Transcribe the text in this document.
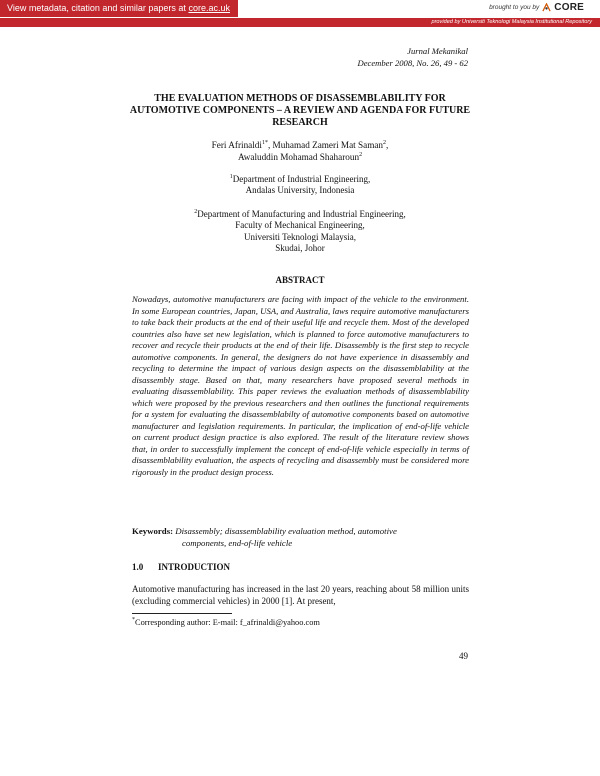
View metadata, citation and similar papers at core.ac.uk	brought to you by CORE
provided by Universiti Teknologi Malaysia Institutional Repository
Jurnal Mekanikal
December 2008, No. 26, 49 - 62
THE EVALUATION METHODS OF DISASSEMBLABILITY FOR AUTOMOTIVE COMPONENTS – A REVIEW AND AGENDA FOR FUTURE RESEARCH
Feri Afrinaldi$^{1*}$, Muhamad Zameri Mat Saman$^2$,
Awaluddin Mohamad Shaharoun$^2$
$^1$Department of Industrial Engineering,
Andalas University, Indonesia
$^2$Department of Manufacturing and Industrial Engineering,
Faculty of Mechanical Engineering,
Universiti Teknologi Malaysia,
Skudai, Johor
ABSTRACT

Nowadays, automotive manufacturers are facing with impact of the vehicle to the environment. In some European countries, Japan, USA, and Australia, laws require automotive manufacturers to take back their products at the end of their useful life and recycle them. Most of the developed countries also have set new legislation, which is planned to force automotive manufacturers to recover and recycle their products at the end of their life. Disassembly is the first step to recycle automotive components. In general, the designers do not have experience in disassembly and recycling to determine the impact of various design aspects on the disassemblability at the disassembly stage. Based on that, many researchers have proposed several methods in evaluating disassemblability. This paper reviews the evaluation methods of disassemblability which were proposed by the previous researchers and then outlines the functional requirements for a system for evaluating the disassemblabilty of automotive components based on automotive manufacturer and legislation requirements. In particular, the implication of end-of-life vehicle on current product design practice is also explored. The result of the literature review shows that, in order to successfully implement the concept of end-of-life vehicle especially in terms of disassemblability evaluation, the aspects of recycling and disassembly must be considered more rigorously in the product design process.

Keywords: Disassembly; disassemblability evaluation method, automotive
components, end-of-life vehicle
1.0 INTRODUCTION

Automotive manufacturing has increased in the last 20 years, reaching about 58 million units (excluding commercial vehicles) in 2000 [1]. At present,

*Corresponding author: E-mail: f_afrinaldi@yahoo.com
49
